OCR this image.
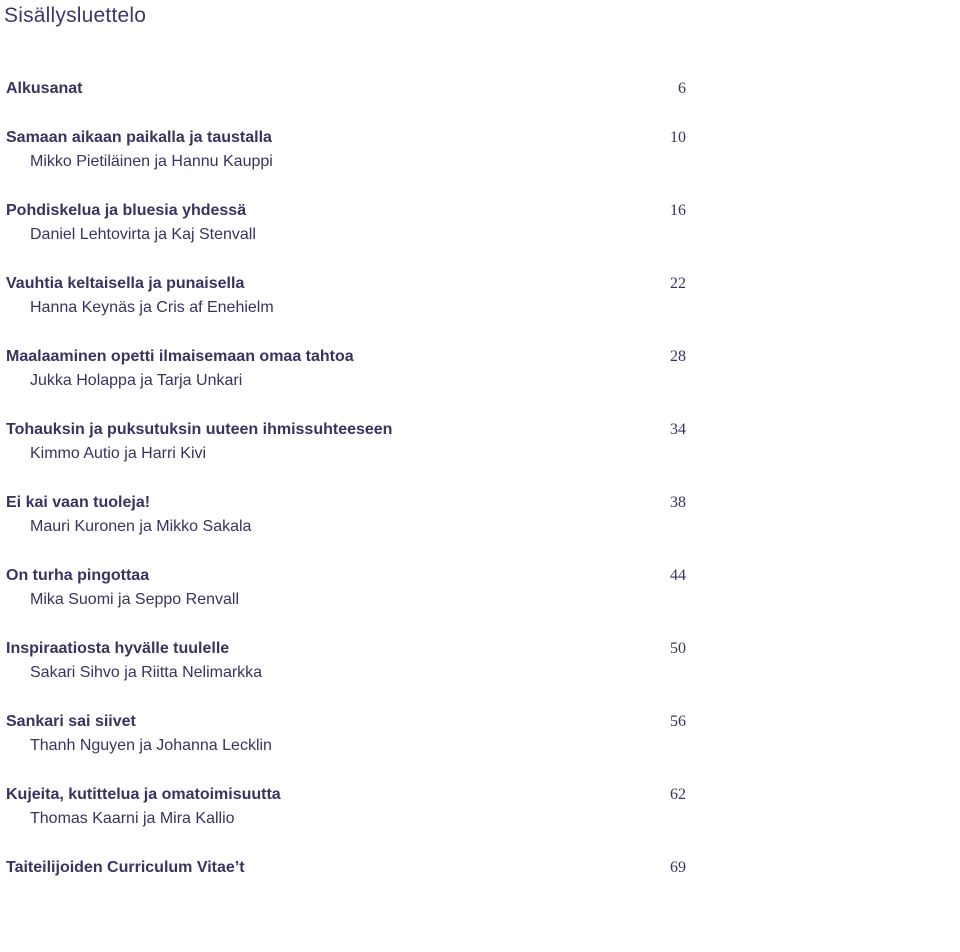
Sisällysluettelo
Alkusanat	6
Samaan aikaan paikalla ja taustalla
Mikko Pietiläinen ja Hannu Kauppi
10
Pohdiskelua ja bluesia yhdessä
Daniel Lehtovirta ja Kaj Stenvall
16
Vauhtia keltaisella ja punaisella
Hanna Keynäs ja Cris af Enehielm
22
Maalaaminen opetti ilmaisemaan omaa tahtoa
Jukka Holappa ja Tarja Unkari
28
Tohauksin ja puksutuksin uuteen ihmissuhteeseen
Kimmo Autio ja Harri Kivi
34
Ei kai vaan tuoleja!
Mauri Kuronen ja Mikko Sakala
38
On turha pingottaa
Mika Suomi ja Seppo Renvall
44
Inspiraatiosta hyvälle tuulelle
Sakari Sihvo ja Riitta Nelimarkka
50
Sankari sai siivet
Thanh Nguyen ja Johanna Lecklin
56
Kujeita, kutittelua ja omatoimisuutta
Thomas Kaarni ja Mira Kallio
62
Taiteilijoiden Curriculum Vitae’t	69
